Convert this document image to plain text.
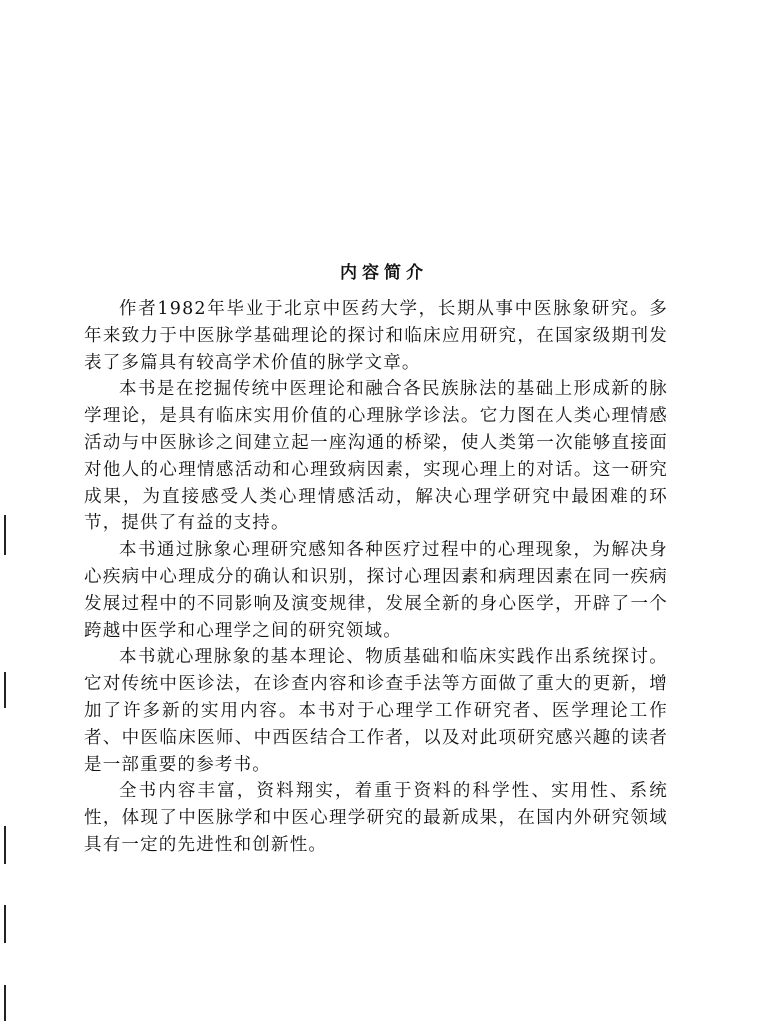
内容简介

作者1982年毕业于北京中医药大学，长期从事中医脉象研究。多年来致力于中医脉学基础理论的探讨和临床应用研究，在国家级期刊发表了多篇具有较高学术价值的脉学文章。

本书是在挖掘传统中医理论和融合各民族脉法的基础上形成新的脉学理论，是具有临床实用价值的心理脉学诊法。它力图在人类心理情感活动与中医脉诊之间建立起一座沟通的桥梁，使人类第一次能够直接面对他人的心理情感活动和心理致病因素，实现心理上的对话。这一研究成果，为直接感受人类心理情感活动，解决心理学研究中最困难的环节，提供了有益的支持。

本书通过脉象心理研究感知各种医疗过程中的心理现象，为解决身心疾病中心理成分的确认和识别，探讨心理因素和病理因素在同一疾病发展过程中的不同影响及演变规律，发展全新的身心医学，开辟了一个跨越中医学和心理学之间的研究领域。

本书就心理脉象的基本理论、物质基础和临床实践作出系统探讨。它对传统中医诊法，在诊查内容和诊查手法等方面做了重大的更新，增加了许多新的实用内容。本书对于心理学工作研究者、医学理论工作者、中医临床医师、中西医结合工作者，以及对此项研究感兴趣的读者是一部重要的参考书。

全书内容丰富，资料翔实，着重于资料的科学性、实用性、系统性，体现了中医脉学和中医心理学研究的最新成果，在国内外研究领域具有一定的先进性和创新性。
